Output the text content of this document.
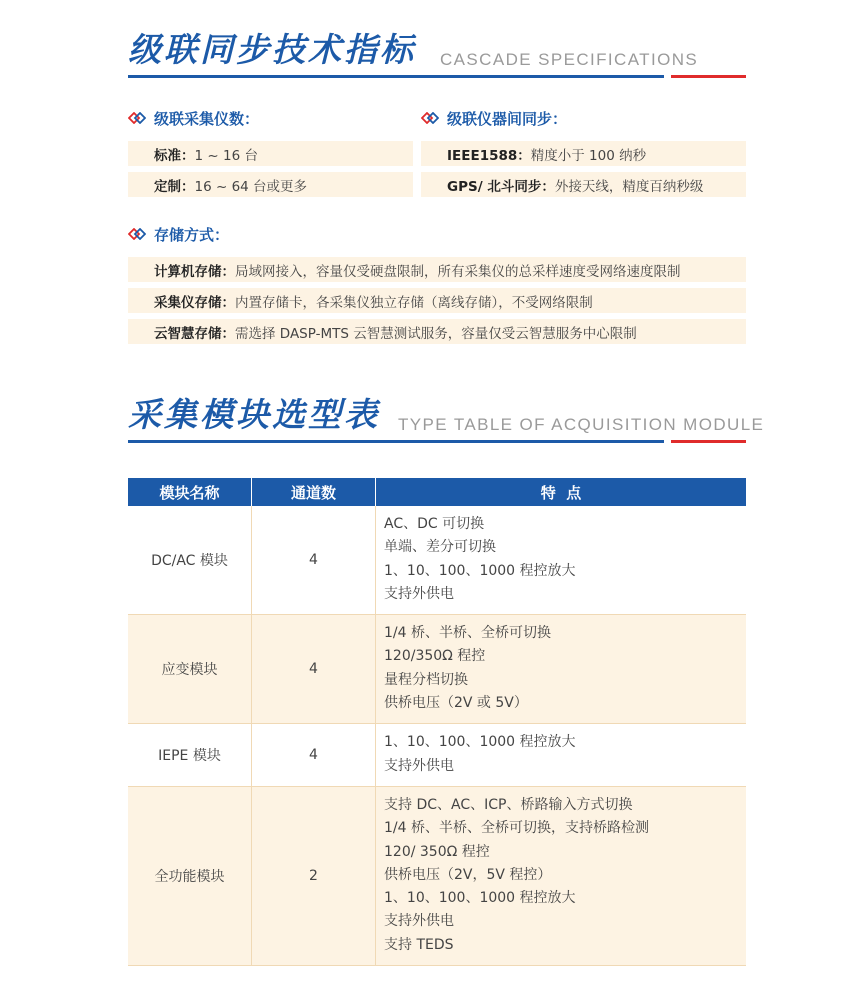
级联同步技术指标 CASCADE SPECIFICATIONS
级联采集仪数：
标准： 1 ~ 16 台
定制： 16 ~ 64 台或更多
级联仪器间同步：
IEEE1588： 精度小于 100 纳秒
GPS/ 北斗同步： 外接天线，精度百纳秒级
存储方式：
计算机存储： 局域网接入，容量仅受硬盘限制，所有采集仪的总采样速度受网络速度限制
采集仪存储： 内置存储卡，各采集仪独立存储（离线存储），不受网络限制
云智慧存储： 需选择 DASP-MTS 云智慧测试服务，容量仅受云智慧服务中心限制
采集模块选型表 TYPE TABLE OF ACQUISITION MODULE
模块名称	通道数	特  点
DC/AC 模块	4
AC、DC 可切换
单端、差分可切换
1、10、100、1000 程控放大
支持外供电
应变模块	4
1/4 桥、半桥、全桥可切换
120/350Ω 程控
量程分档切换
供桥电压（2V 或 5V）
IEPE 模块	4
1、10、100、1000 程控放大
支持外供电
全功能模块	2
支持 DC、AC、ICP、桥路输入方式切换
1/4 桥、半桥、全桥可切换，支持桥路检测
120/ 350Ω 程控
供桥电压（2V，5V 程控）
1、10、100、1000 程控放大
支持外供电
支持 TEDS
